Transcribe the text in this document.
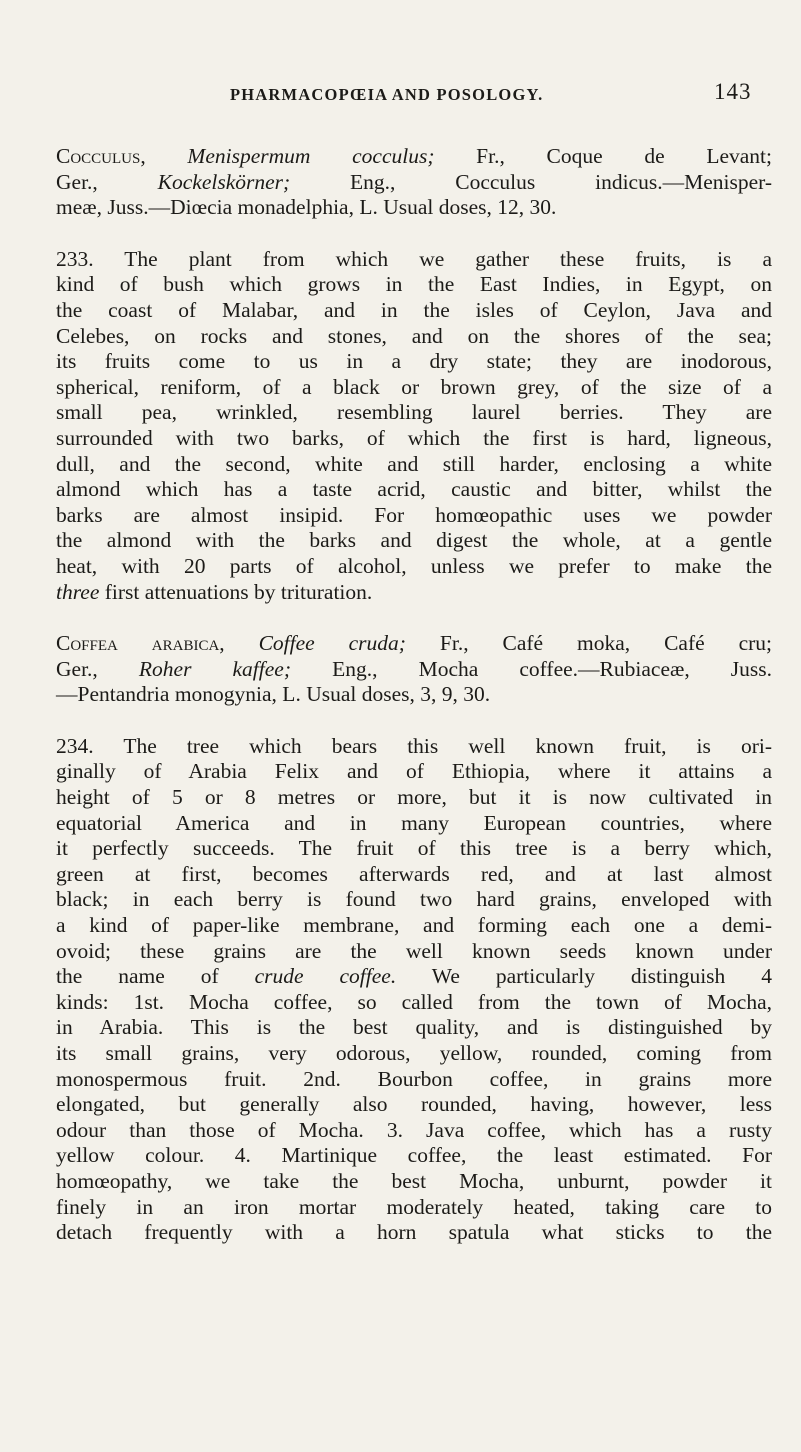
PHARMACOPŒIA AND POSOLOGY.	143
Cocculus, Menispermum cocculus; Fr., Coque de Levant;
Ger., Kockelskörner; Eng., Cocculus indicus.—Menisper-
meæ, Juss.—Diœcia monadelphia, L. Usual doses, 12, 30.
233. The plant from which we gather these fruits, is a
kind of bush which grows in the East Indies, in Egypt, on
the coast of Malabar, and in the isles of Ceylon, Java and
Celebes, on rocks and stones, and on the shores of the sea;
its fruits come to us in a dry state; they are inodorous,
spherical, reniform, of a black or brown grey, of the size of a
small pea, wrinkled, resembling laurel berries. They are
surrounded with two barks, of which the first is hard, ligneous,
dull, and the second, white and still harder, enclosing a white
almond which has a taste acrid, caustic and bitter, whilst the
barks are almost insipid. For homœopathic uses we powder
the almond with the barks and digest the whole, at a gentle
heat, with 20 parts of alcohol, unless we prefer to make the
three first attenuations by trituration.
Coffea arabica, Coffee cruda; Fr., Café moka, Café cru;
Ger., Roher kaffee; Eng., Mocha coffee.—Rubiaceæ, Juss.
—Pentandria monogynia, L. Usual doses, 3, 9, 30.
234. The tree which bears this well known fruit, is ori-
ginally of Arabia Felix and of Ethiopia, where it attains a
height of 5 or 8 metres or more, but it is now cultivated in
equatorial America and in many European countries, where
it perfectly succeeds. The fruit of this tree is a berry which,
green at first, becomes afterwards red, and at last almost
black; in each berry is found two hard grains, enveloped with
a kind of paper-like membrane, and forming each one a demi-
ovoid; these grains are the well known seeds known under
the name of crude coffee. We particularly distinguish 4
kinds: 1st. Mocha coffee, so called from the town of Mocha,
in Arabia. This is the best quality, and is distinguished by
its small grains, very odorous, yellow, rounded, coming from
monospermous fruit. 2nd. Bourbon coffee, in grains more
elongated, but generally also rounded, having, however, less
odour than those of Mocha. 3. Java coffee, which has a rusty
yellow colour. 4. Martinique coffee, the least estimated. For
homœopathy, we take the best Mocha, unburnt, powder it
finely in an iron mortar moderately heated, taking care to
detach frequently with a horn spatula what sticks to the
